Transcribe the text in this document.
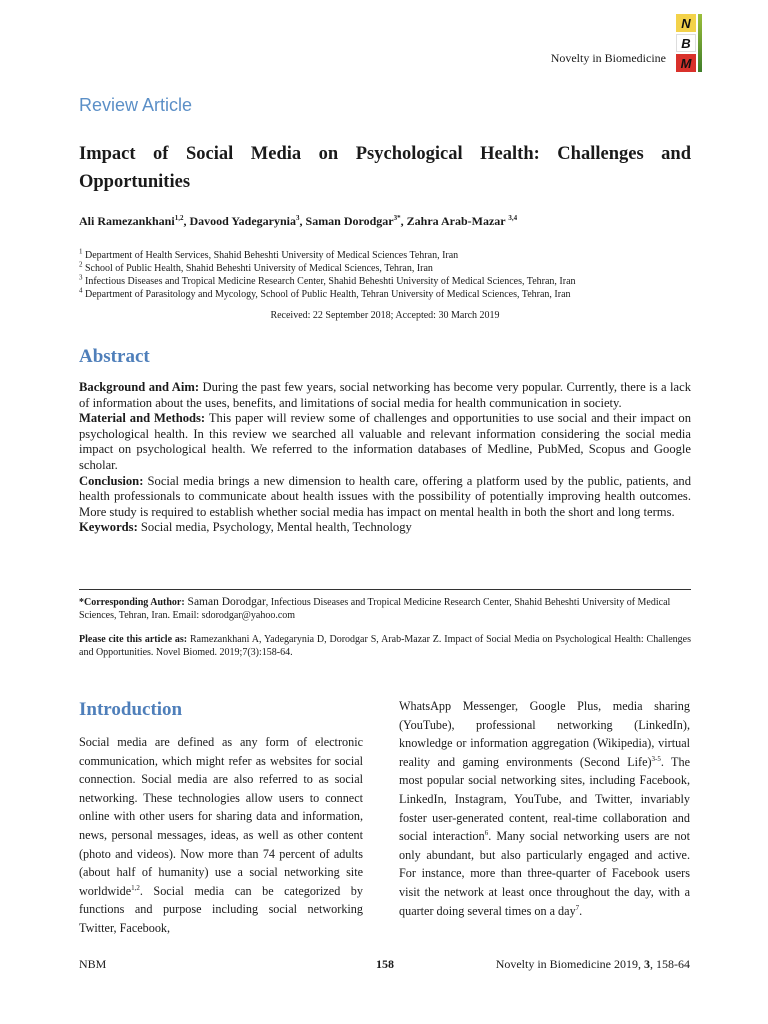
Novelty in Biomedicine
N
B
M
Review Article
Impact of Social Media on Psychological Health: Challenges and Opportunities
Ali Ramezankhani$^{1,2}$, Davood Yadegarynia$^3$, Saman Dorodgar$^{3*}$, Zahra Arab-Mazar $^{3,4}$
$^1$ Department of Health Services, Shahid Beheshti University of Medical Sciences Tehran, Iran
$^2$ School of Public Health, Shahid Beheshti University of Medical Sciences, Tehran, Iran
$^3$ Infectious Diseases and Tropical Medicine Research Center, Shahid Beheshti University of Medical Sciences, Tehran, Iran
$^4$ Department of Parasitology and Mycology, School of Public Health, Tehran University of Medical Sciences, Tehran, Iran
Received: 22 September 2018; Accepted: 30 March 2019
Abstract

Background and Aim: During the past few years, social networking has become very popular. Currently, there is a lack of information about the uses, benefits, and limitations of social media for health communication in society.

Material and Methods: This paper will review some of challenges and opportunities to use social and their impact on psychological health. In this review we searched all valuable and relevant information considering the social media impact on psychological health. We referred to the information databases of Medline, PubMed, Scopus and Google scholar.

Conclusion: Social media brings a new dimension to health care, offering a platform used by the public, patients, and health professionals to communicate about health issues with the possibility of potentially improving health outcomes. More study is required to establish whether social media has impact on mental health in both the short and long terms.

Keywords: Social media, Psychology, Mental health, Technology

*Corresponding Author: Saman Dorodgar, Infectious Diseases and Tropical Medicine Research Center, Shahid Beheshti University of Medical Sciences, Tehran, Iran. Email: sdorodgar@yahoo.com
Please cite this article as: Ramezankhani A, Yadegarynia D, Dorodgar S, Arab-Mazar Z. Impact of Social Media on Psychological Health: Challenges and Opportunities. Novel Biomed. 2019;7(3):158-64.
Introduction
Social media are defined as any form of electronic communication, which might refer as websites for social connection. Social media are also referred to as social networking. These technologies allow users to connect online with other users for sharing data and information, news, personal messages, ideas, as well as other content (photo and videos). Now more than 74 percent of adults (about half of humanity) use a social networking site worldwide$^{1,2}$. Social media can be categorized by functions and purpose including social networking Twitter, Facebook,
WhatsApp Messenger, Google Plus, media sharing (YouTube), professional networking (LinkedIn), knowledge or information aggregation (Wikipedia), virtual reality and gaming environments (Second Life)$^{3-5}$. The most popular social networking sites, including Facebook, LinkedIn, Instagram, YouTube, and Twitter, invariably foster user-generated content, real-time collaboration and social interaction$^6$. Many social networking users are not only abundant, but also particularly engaged and active. For instance, more than three-quarter of Facebook users visit the network at least once throughout the day, with a quarter doing several times on a day$^7$.
NBM	158	Novelty in Biomedicine 2019, 3, 158-64
